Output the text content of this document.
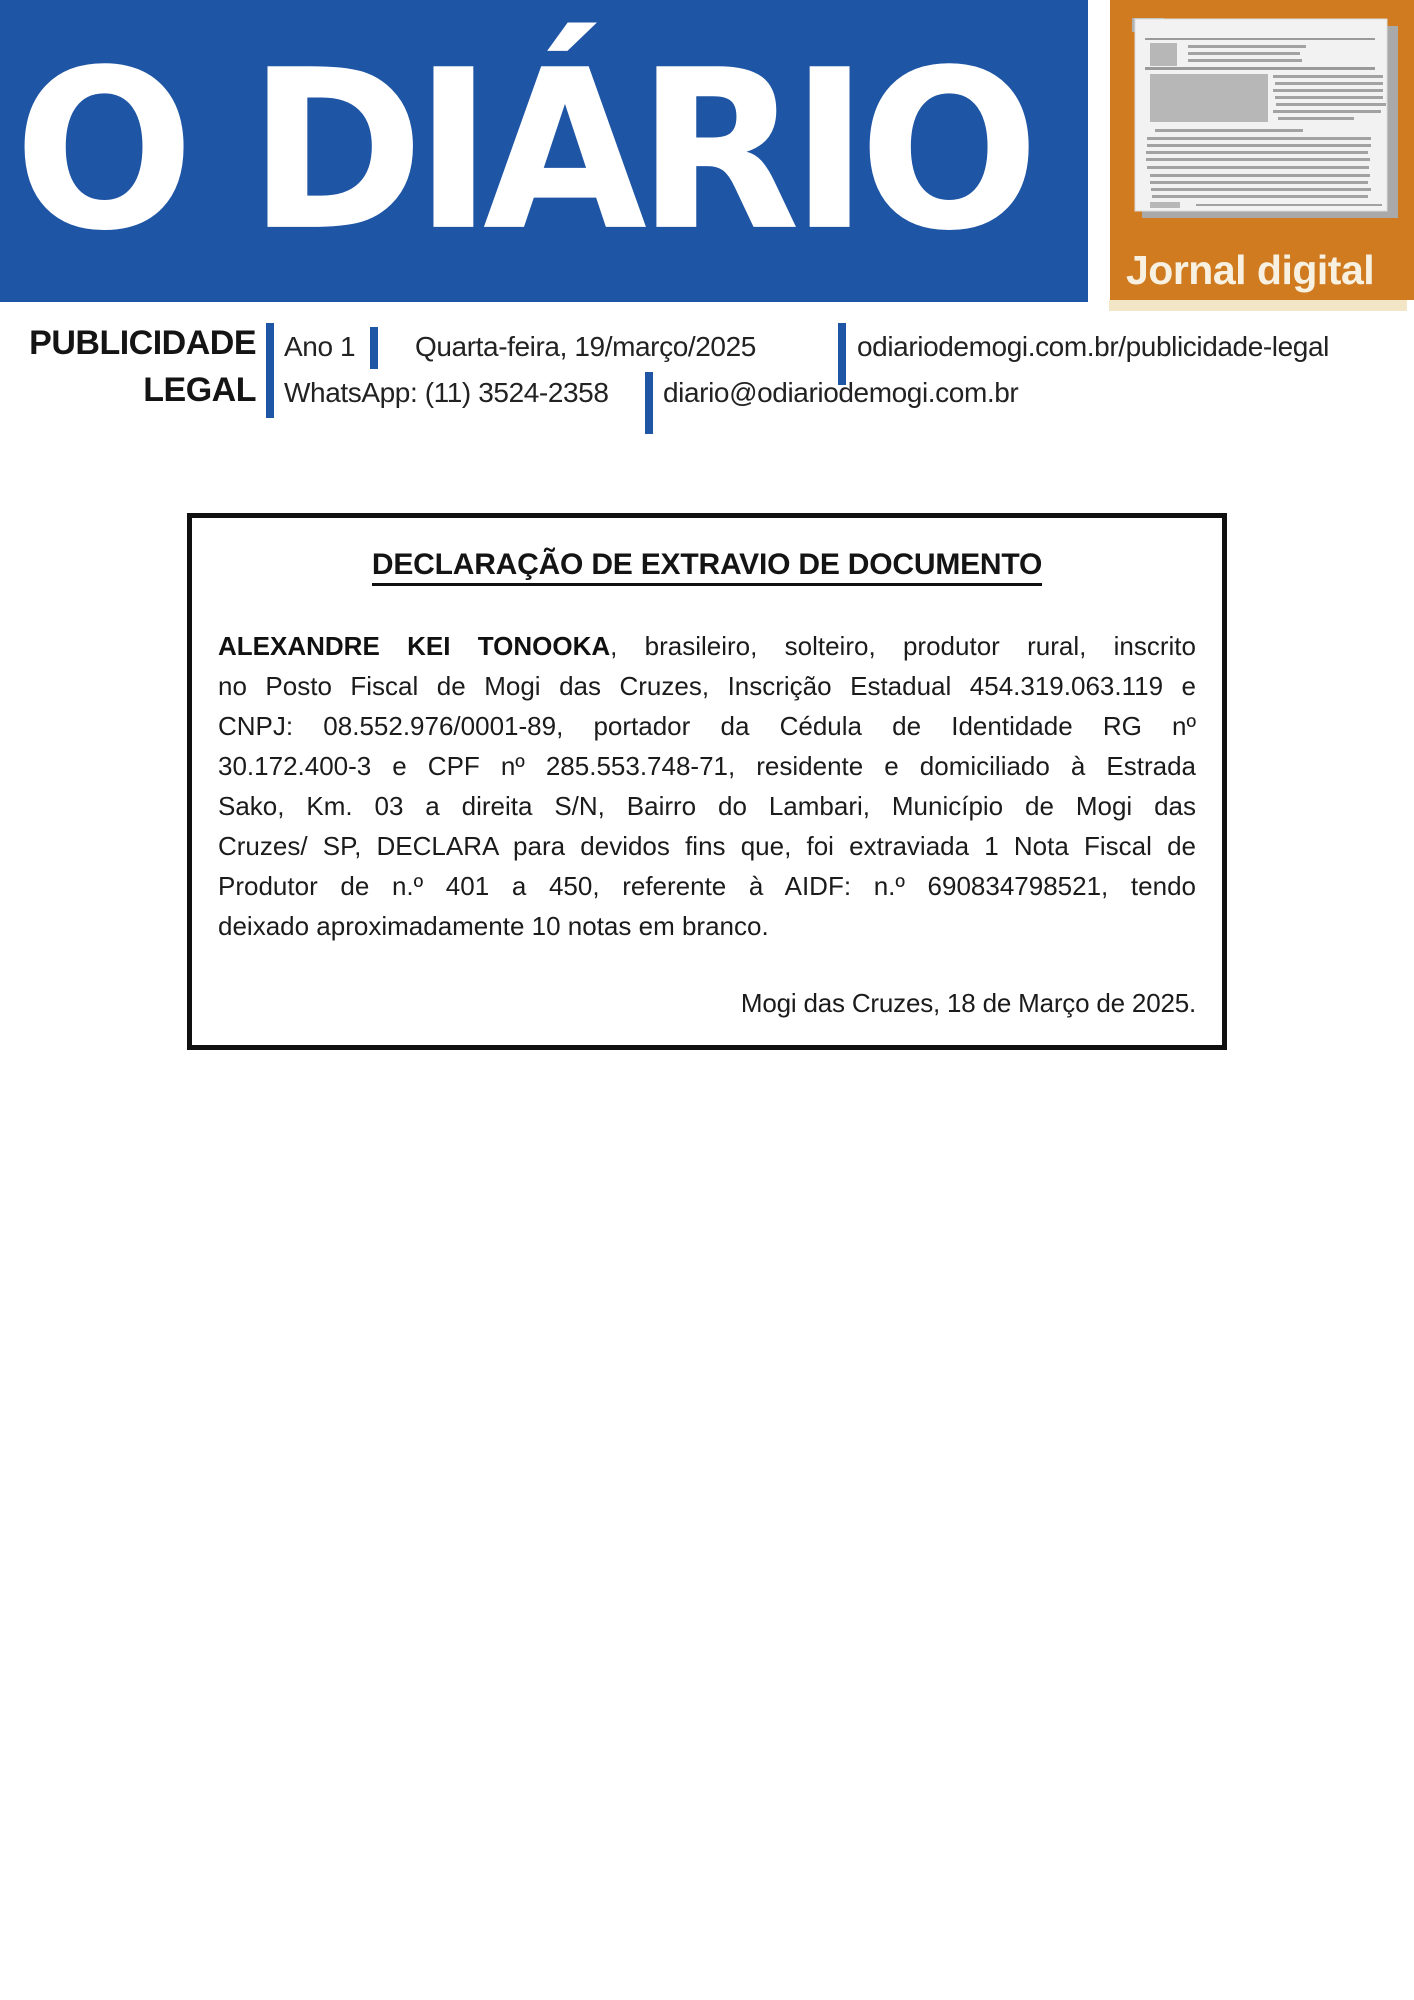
O DIÁRIO Jornal digital
PUBLICIDADE
LEGAL
Ano 1 Quarta-feira, 19/março/2025	odiariodemogi.com.br/publicidade-legal
WhatsApp: (11) 3524-2358 diario@odiariodemogi.com.br
DECLARAÇÃO DE EXTRAVIO DE DOCUMENTO
ALEXANDRE KEI TONOOKA, brasileiro, solteiro, produtor rural, inscrito
no Posto Fiscal de Mogi das Cruzes, Inscrição Estadual 454.319.063.119 e
CNPJ: 08.552.976/0001-89, portador da Cédula de Identidade RG nº
30.172.400-3 e CPF nº 285.553.748-71, residente e domiciliado à Estrada
Sako, Km. 03 a direita S/N, Bairro do Lambari, Município de Mogi das
Cruzes/ SP, DECLARA para devidos fins que, foi extraviada 1 Nota Fiscal de
Produtor de n.º 401 a 450, referente à AIDF: n.º 690834798521, tendo
deixado aproximadamente 10 notas em branco.
Mogi das Cruzes, 18 de Março de 2025.
